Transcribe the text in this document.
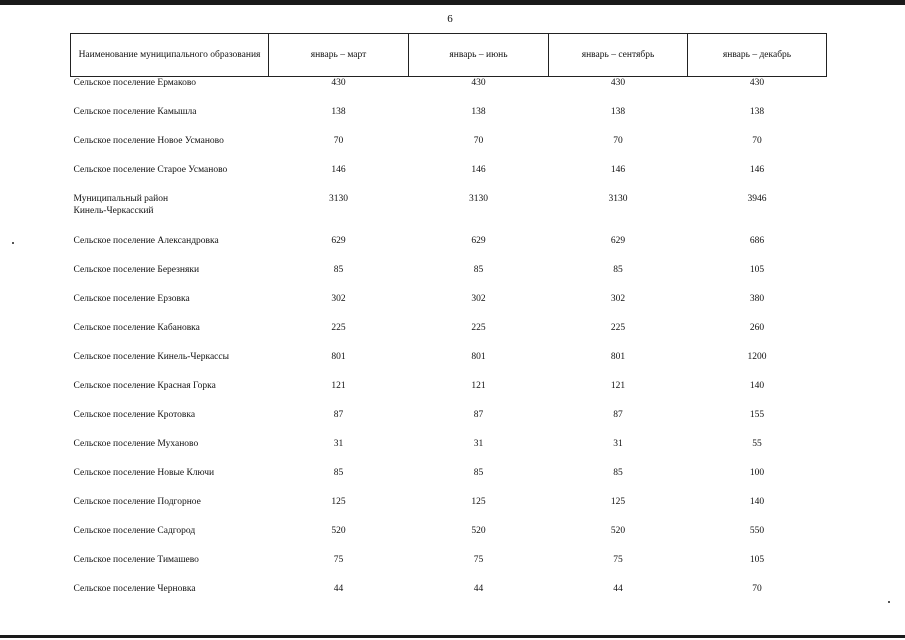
6
Наименование муниципального образования	январь – март	январь – июнь	январь – сентябрь	январь – декабрь
Сельское поселение Ермаково	430	430	430	430
Сельское поселение Камышла	138	138	138	138
Сельское поселение Новое Усманово	70	70	70	70
Сельское поселение Старое Усманово	146	146	146	146
Муниципальный район
Кинель-Черкасский	3130	3130	3130	3946
Сельское поселение Александровка	629	629	629	686
Сельское поселение Березняки	85	85	85	105
Сельское поселение Ерзовка	302	302	302	380
Сельское поселение Кабановка	225	225	225	260
Сельское поселение Кинель-Черкассы	801	801	801	1200
Сельское поселение Красная Горка	121	121	121	140
Сельское поселение Кротовка	87	87	87	155
Сельское поселение Муханово	31	31	31	55
Сельское поселение Новые Ключи	85	85	85	100
Сельское поселение Подгорное	125	125	125	140
Сельское поселение Садгород	520	520	520	550
Сельское поселение Тимашево	75	75	75	105
Сельское поселение Черновка	44	44	44	70
